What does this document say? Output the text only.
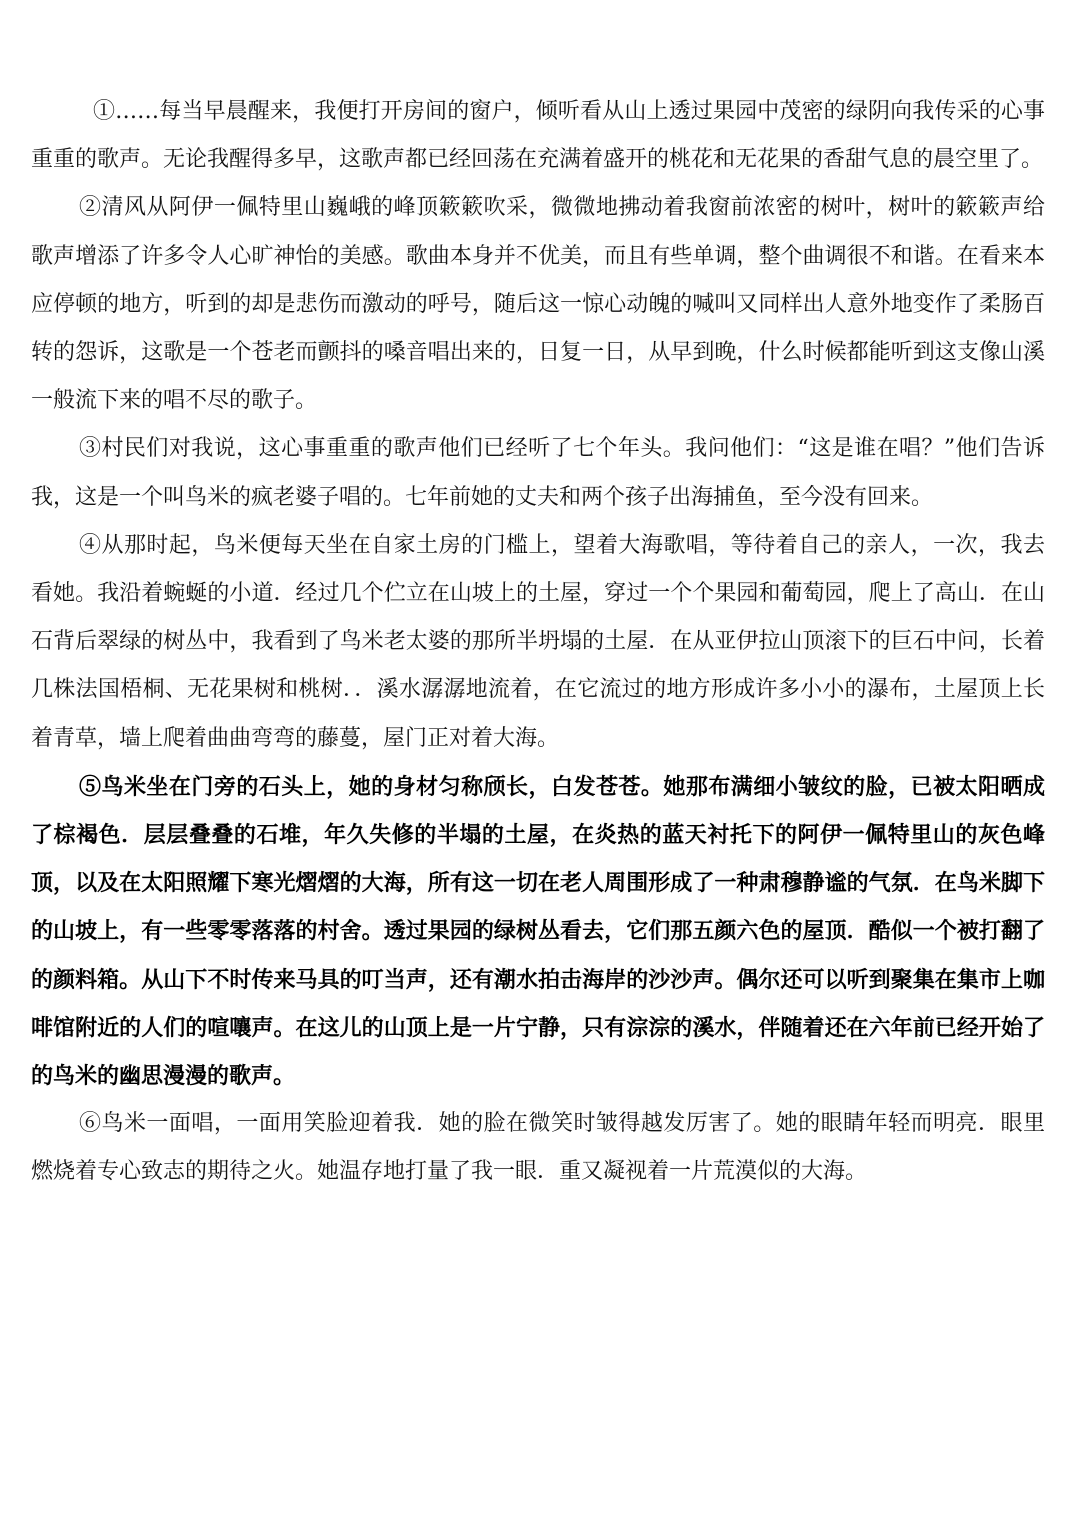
①……每当早晨醒来，我便打开房间的窗户，倾听看从山上透过果园中茂密的绿阴向我传采的心事重重的歌声。无论我醒得多早，这歌声都已经回荡在充满着盛开的桃花和无花果的香甜气息的晨空里了。

②清风从阿伊一佩特里山巍峨的峰顶簌簌吹采，微微地拂动着我窗前浓密的树叶，树叶的簌簌声给歌声增添了许多令人心旷神怡的美感。歌曲本身并不优美，而且有些单调，整个曲调很不和谐。在看来本应停顿的地方，听到的却是悲伤而激动的呼号，随后这一惊心动魄的喊叫又同样出人意外地变作了柔肠百转的怨诉，这歌是一个苍老而颤抖的嗓音唱出来的，日复一日，从早到晚，什么时候都能听到这支像山溪一般流下来的唱不尽的歌子。

③村民们对我说，这心事重重的歌声他们已经听了七个年头。我问他们：“这是谁在唱？”他们告诉我，这是一个叫鸟米的疯老婆子唱的。七年前她的丈夫和两个孩子出海捕鱼，至今没有回来。

④从那时起，鸟米便每天坐在自家土房的门槛上，望着大海歌唱，等待着自己的亲人，一次，我去看她。我沿着蜿蜒的小道．经过几个伫立在山坡上的土屋，穿过一个个果园和葡萄园，爬上了高山．在山石背后翠绿的树丛中，我看到了鸟米老太婆的那所半坍塌的土屋．在从亚伊拉山顶滚下的巨石中问，长着几株法国梧桐、无花果树和桃树．．溪水潺潺地流着，在它流过的地方形成许多小小的瀑布，土屋顶上长着青草，墙上爬着曲曲弯弯的藤蔓，屋门正对着大海。

⑤鸟米坐在门旁的石头上，她的身材匀称颀长，白发苍苍。她那布满细小皱纹的脸，已被太阳晒成了棕褐色．层层叠叠的石堆，年久失修的半塌的土屋，在炎热的蓝天衬托下的阿伊一佩特里山的灰色峰顶，以及在太阳照耀下寒光熠熠的大海，所有这一切在老人周围形成了一种肃穆静谧的气氛．在鸟米脚下的山坡上，有一些零零落落的村舍。透过果园的绿树丛看去，它们那五颜六色的屋顶．酷似一个被打翻了的颜料箱。从山下不时传来马具的叮当声，还有潮水拍击海岸的沙沙声。偶尔还可以听到聚集在集市上咖啡馆附近的人们的喧嚷声。在这儿的山顶上是一片宁静，只有淙淙的溪水，伴随着还在六年前已经开始了的鸟米的幽思漫漫的歌声。

⑥鸟米一面唱，一面用笑脸迎着我．她的脸在微笑时皱得越发厉害了。她的眼睛年轻而明亮．眼里燃烧着专心致志的期待之火。她温存地打量了我一眼．重又凝视着一片荒漠似的大海。
